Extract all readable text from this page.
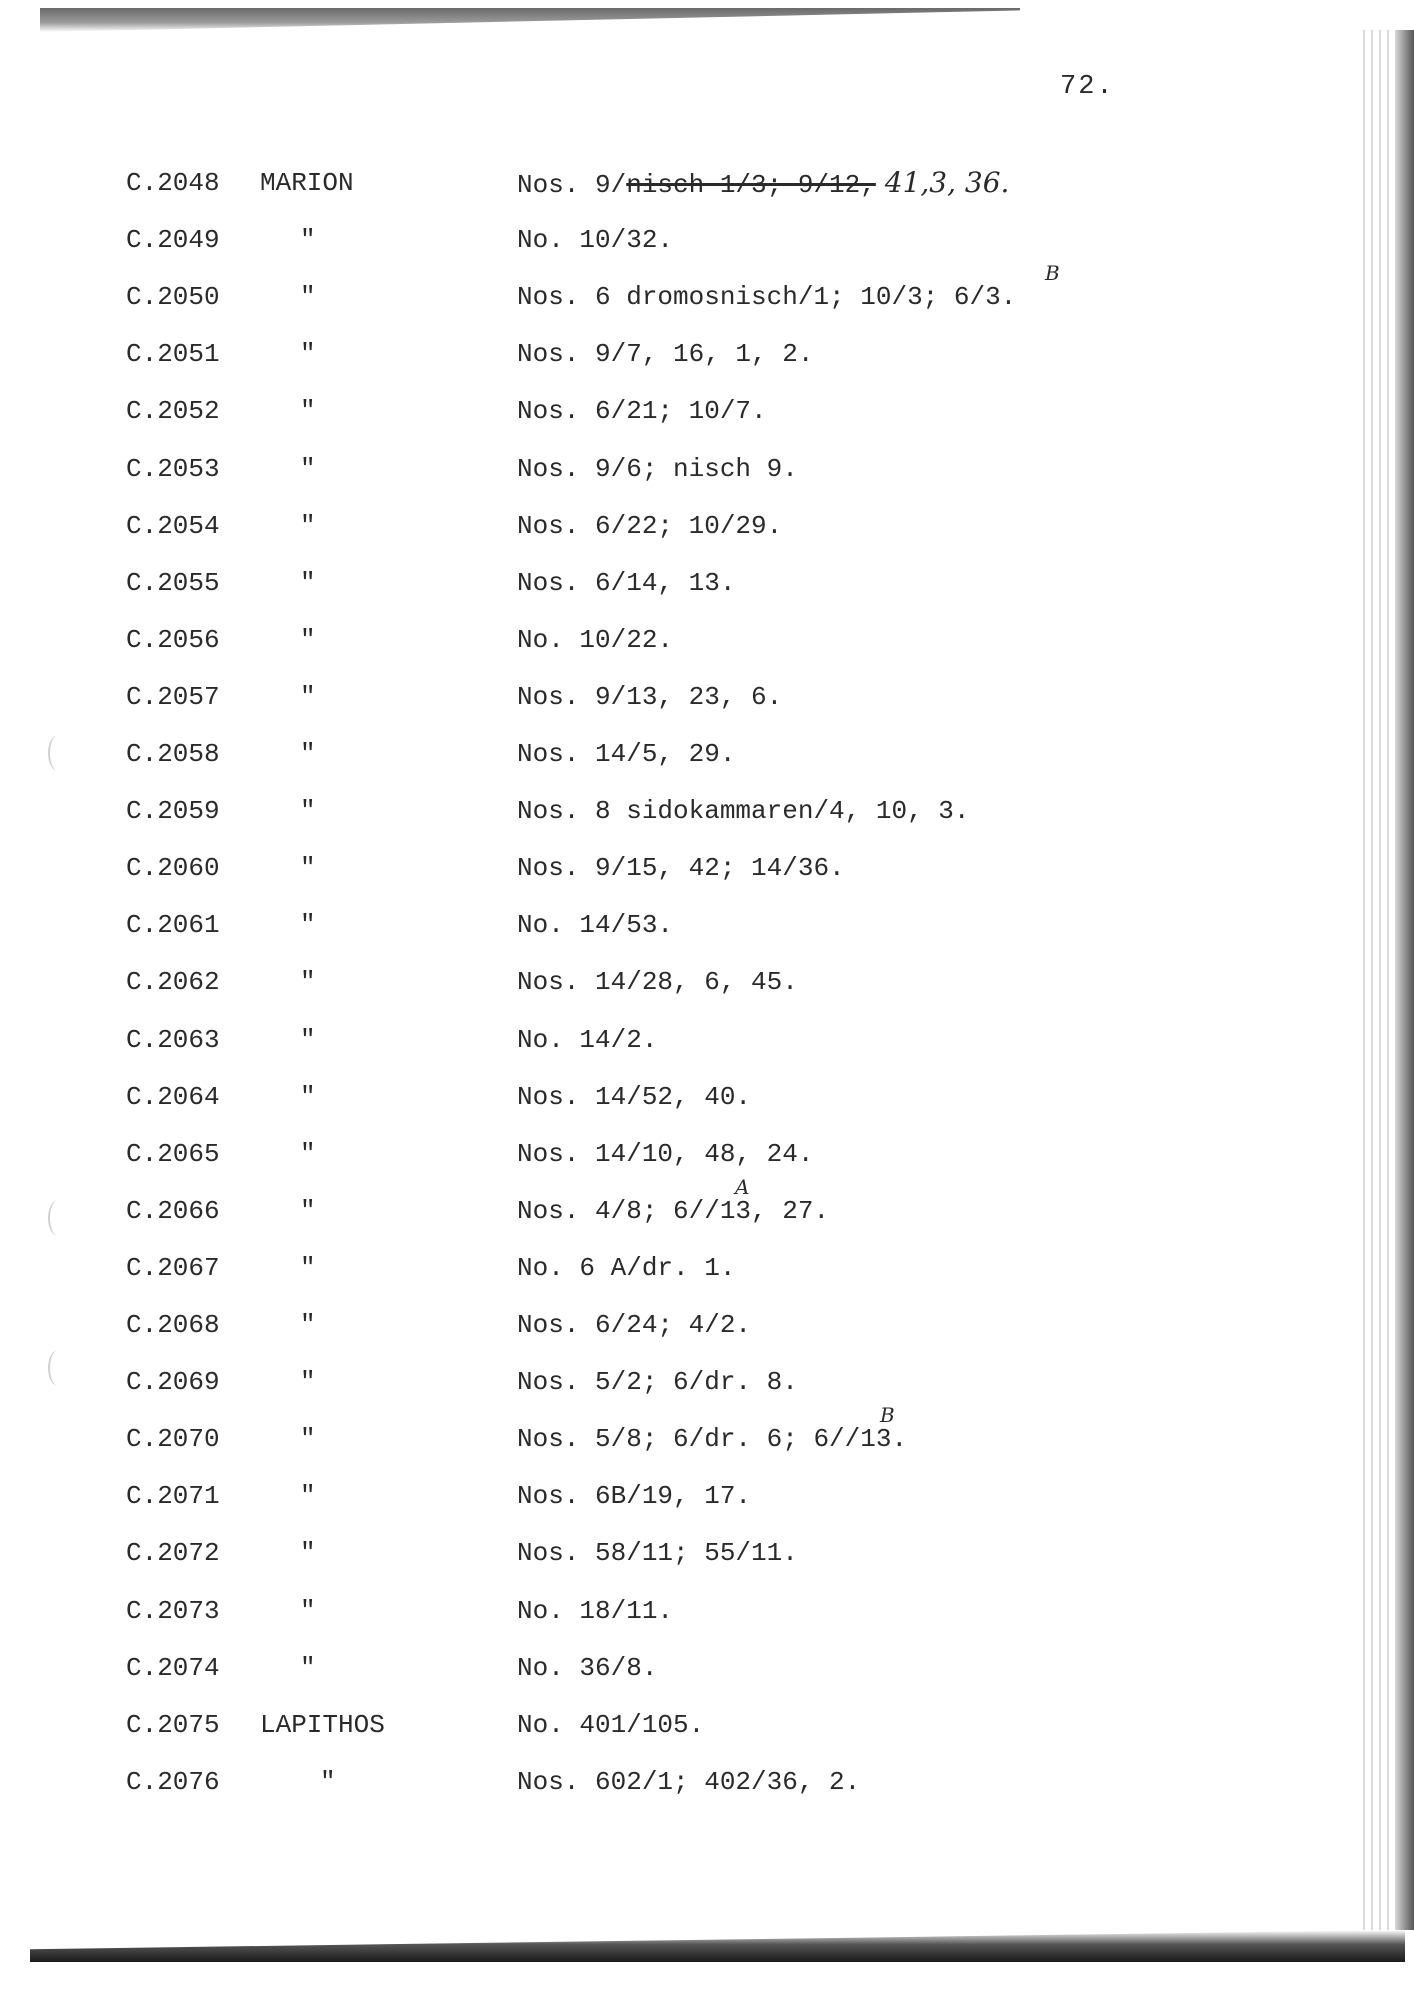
72.
C.2048 MARION	Nos. 9/nisch 1/3; 9/12, 41,3, 36.
C.2049	"	No. 10/32.
C.2050	"	Nos. 6 dromosnisch/1; 10/3; 6/3.
B
C.2051	"	Nos. 9/7, 16, 1, 2.
C.2052	"	Nos. 6/21; 10/7.
C.2053	"	Nos. 9/6; nisch 9.
C.2054	"	Nos. 6/22; 10/29.
C.2055	"	Nos. 6/14, 13.
C.2056	"	No. 10/22.
C.2057	"	Nos. 9/13, 23, 6.
C.2058	"	Nos. 14/5, 29.
C.2059	"	Nos. 8 sidokammaren/4, 10, 3.
C.2060	"	Nos. 9/15, 42; 14/36.
C.2061	"	No. 14/53.
C.2062	"	Nos. 14/28, 6, 45.
C.2063	"	No. 14/2.
C.2064	"	Nos. 14/52, 40.
C.2065	"	Nos. 14/10, 48, 24.
C.2066	"	Nos. 4/8; 6//13, 27.
A
C.2067	"	No. 6 A/dr. 1.
C.2068	"	Nos. 6/24; 4/2.
C.2069	"	Nos. 5/2; 6/dr. 8.
C.2070	"	Nos. 5/8; 6/dr. 6; 6//13.
B
C.2071	"	Nos. 6B/19, 17.
C.2072	"	Nos. 58/11; 55/11.
C.2073	"	No. 18/11.
C.2074	"	No. 36/8.
C.2075 LAPITHOS	No. 401/105.
C.2076	"	Nos. 602/1; 402/36, 2.
